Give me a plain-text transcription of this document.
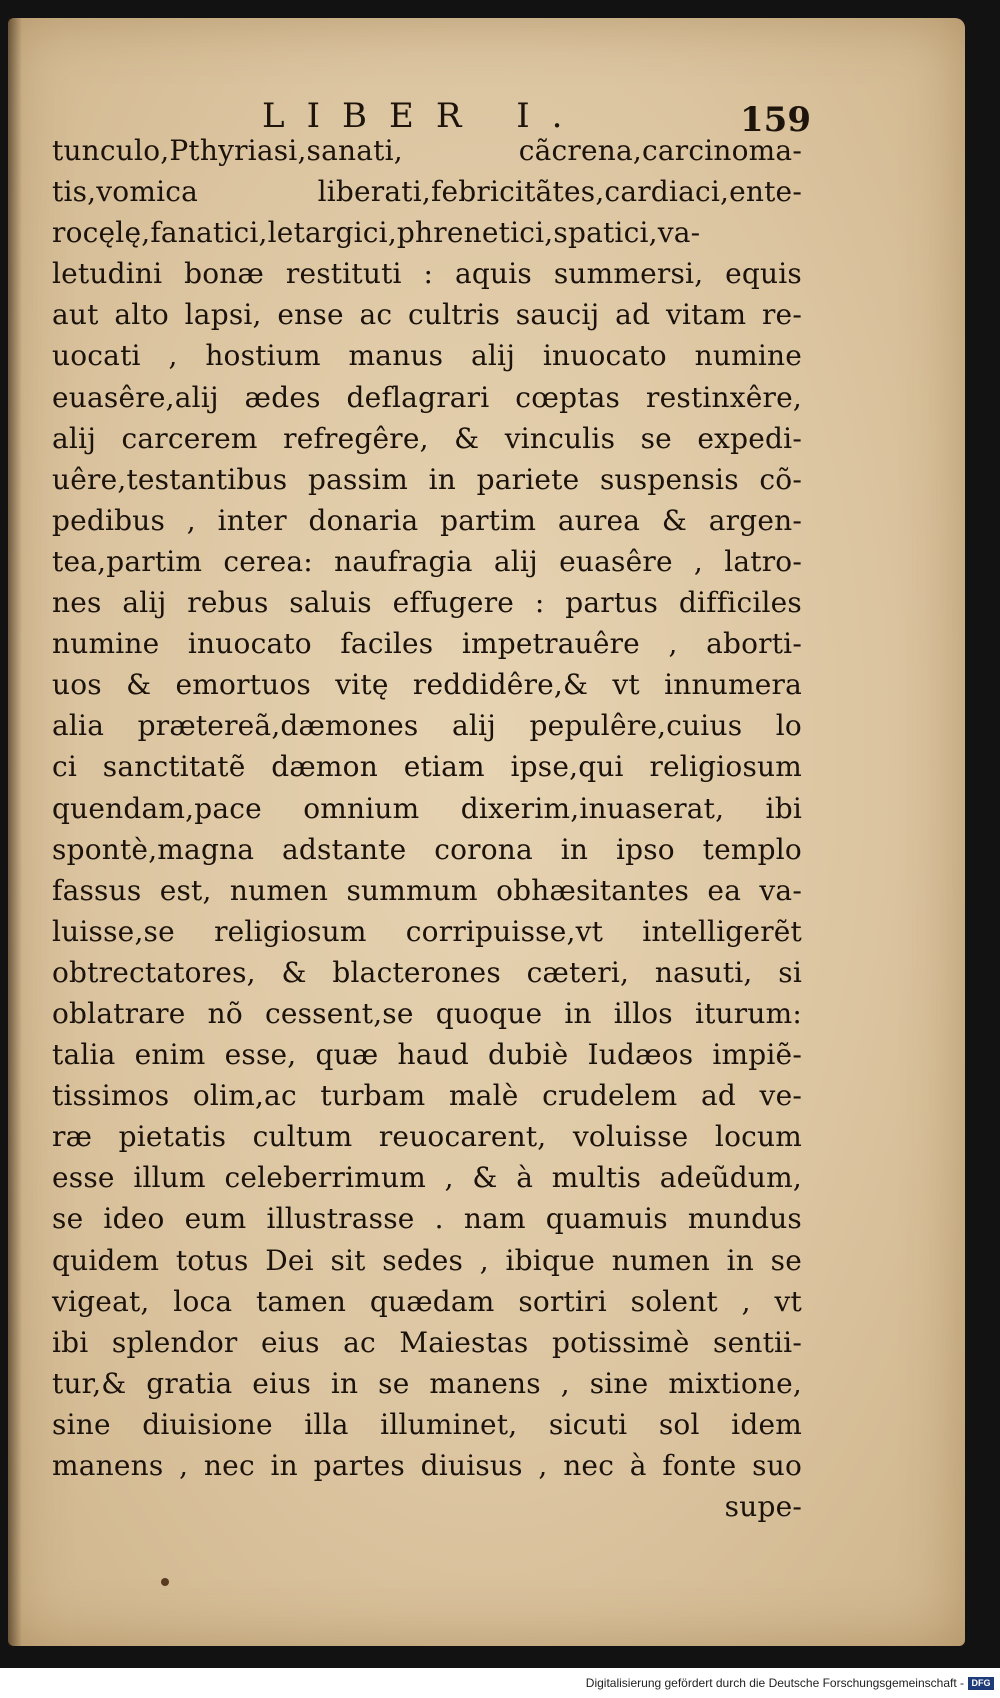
LIBER I.	159
tunculo,Pthyriasi,sanati, cãcrena,carcinoma-
tis,vomica liberati,febricitãtes,cardiaci,ente-
rocęlę,fanatici,letargici,phrenetici,spatici,va-
letudini bonæ restituti : aquis summersi, equis
aut alto lapsi, ense ac cultris saucij ad vitam re-
uocati , hostium manus alij inuocato numine
euasêre,alij ædes deflagrari cœptas restinxêre,
alij carcerem refregêre, & vinculis se expedi-
uêre,testantibus passim in pariete suspensis cõ-
pedibus , inter donaria partim aurea & argen-
tea,partim cerea: naufragia alij euasêre , latro-
nes alij rebus saluis effugere : partus difficiles
numine inuocato faciles impetrauêre , aborti-
uos & emortuos vitę reddidêre,& vt innumera
alia prætereã,dæmones alij pepulêre,cuius lo
ci sanctitatẽ dæmon etiam ipse,qui religiosum
quendam,pace omnium dixerim,inuaserat, ibi
spontè,magna adstante corona in ipso templo
fassus est, numen summum obhæsitantes ea va-
luisse,se religiosum corripuisse,vt intelligerẽt
obtrectatores, & blacterones cæteri, nasuti, si
oblatrare nõ cessent,se quoque in illos iturum:
talia enim esse, quæ haud dubiè Iudæos impiẽ-
tissimos olim,ac turbam malè crudelem ad ve-
ræ pietatis cultum reuocarent, voluisse locum
esse illum celeberrimum , & à multis adeũdum,
se ideo eum illustrasse . nam quamuis mundus
quidem totus Dei sit sedes , ibique numen in se
vigeat, loca tamen quædam sortiri solent , vt
ibi splendor eius ac Maiestas potissimè sentii-
tur,& gratia eius in se manens , sine mixtione,
sine diuisione illa illuminet, sicuti sol idem
manens , nec in partes diuisus , nec à fonte suo
supe-
Digitalisierung gefördert durch die Deutsche Forschungsgemeinschaft - DFG
